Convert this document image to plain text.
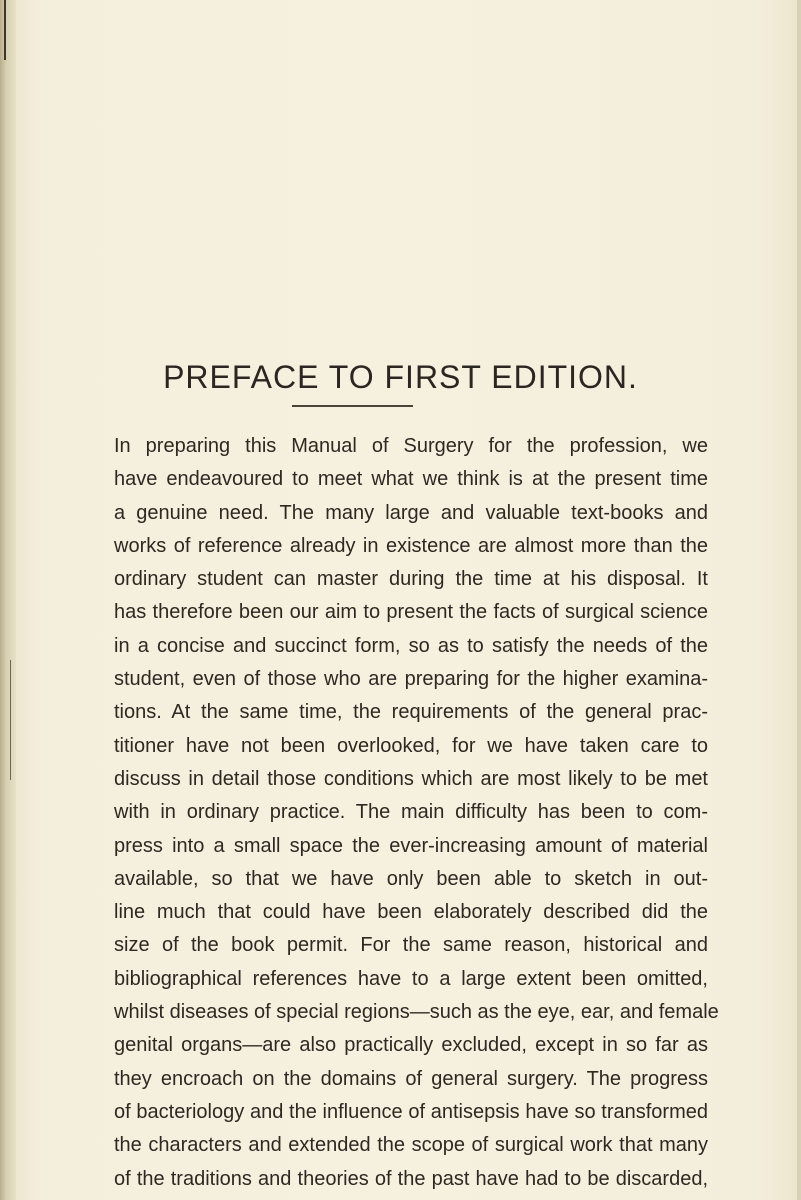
PREFACE TO FIRST EDITION.
In preparing this Manual of Surgery for the profession, we
have endeavoured to meet what we think is at the present time
a genuine need. The many large and valuable text-books and
works of reference already in existence are almost more than the
ordinary student can master during the time at his disposal. It
has therefore been our aim to present the facts of surgical science
in a concise and succinct form, so as to satisfy the needs of the
student, even of those who are preparing for the higher examina-
tions. At the same time, the requirements of the general prac-
titioner have not been overlooked, for we have taken care to
discuss in detail those conditions which are most likely to be met
with in ordinary practice. The main difficulty has been to com-
press into a small space the ever-increasing amount of material
available, so that we have only been able to sketch in out-
line much that could have been elaborately described did the
size of the book permit. For the same reason, historical and
bibliographical references have to a large extent been omitted,
whilst diseases of special regions—such as the eye, ear, and female
genital organs—are also practically excluded, except in so far as
they encroach on the domains of general surgery. The progress
of bacteriology and the influence of antisepsis have so transformed
the characters and extended the scope of surgical work that many
of the traditions and theories of the past have had to be discarded,
